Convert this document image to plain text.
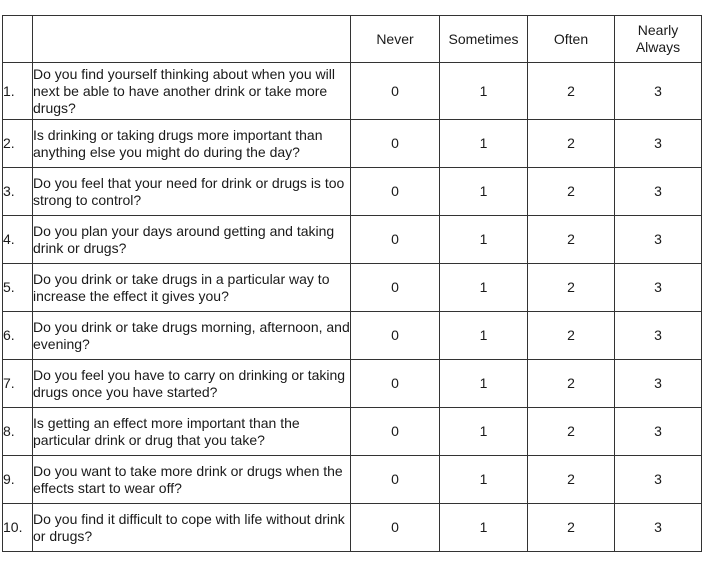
		Never	Sometimes	Often	Nearly Always
1.	Do you find yourself thinking about when you will next be able to have another drink or take more drugs?	0	1	2	3
2.	Is drinking or taking drugs more important than anything else you might do during the day?	0	1	2	3
3.	Do you feel that your need for drink or drugs is too strong to control?	0	1	2	3
4.	Do you plan your days around getting and taking drink or drugs?	0	1	2	3
5.	Do you drink or take drugs in a particular way to increase the effect it gives you?	0	1	2	3
6.	Do you drink or take drugs morning, afternoon, and evening?	0	1	2	3
7.	Do you feel you have to carry on drinking or taking drugs once you have started?	0	1	2	3
8.	Is getting an effect more important than the particular drink or drug that you take?	0	1	2	3
9.	Do you want to take more drink or drugs when the effects start to wear off?	0	1	2	3
10.	Do you find it difficult to cope with life without drink or drugs?	0	1	2	3
